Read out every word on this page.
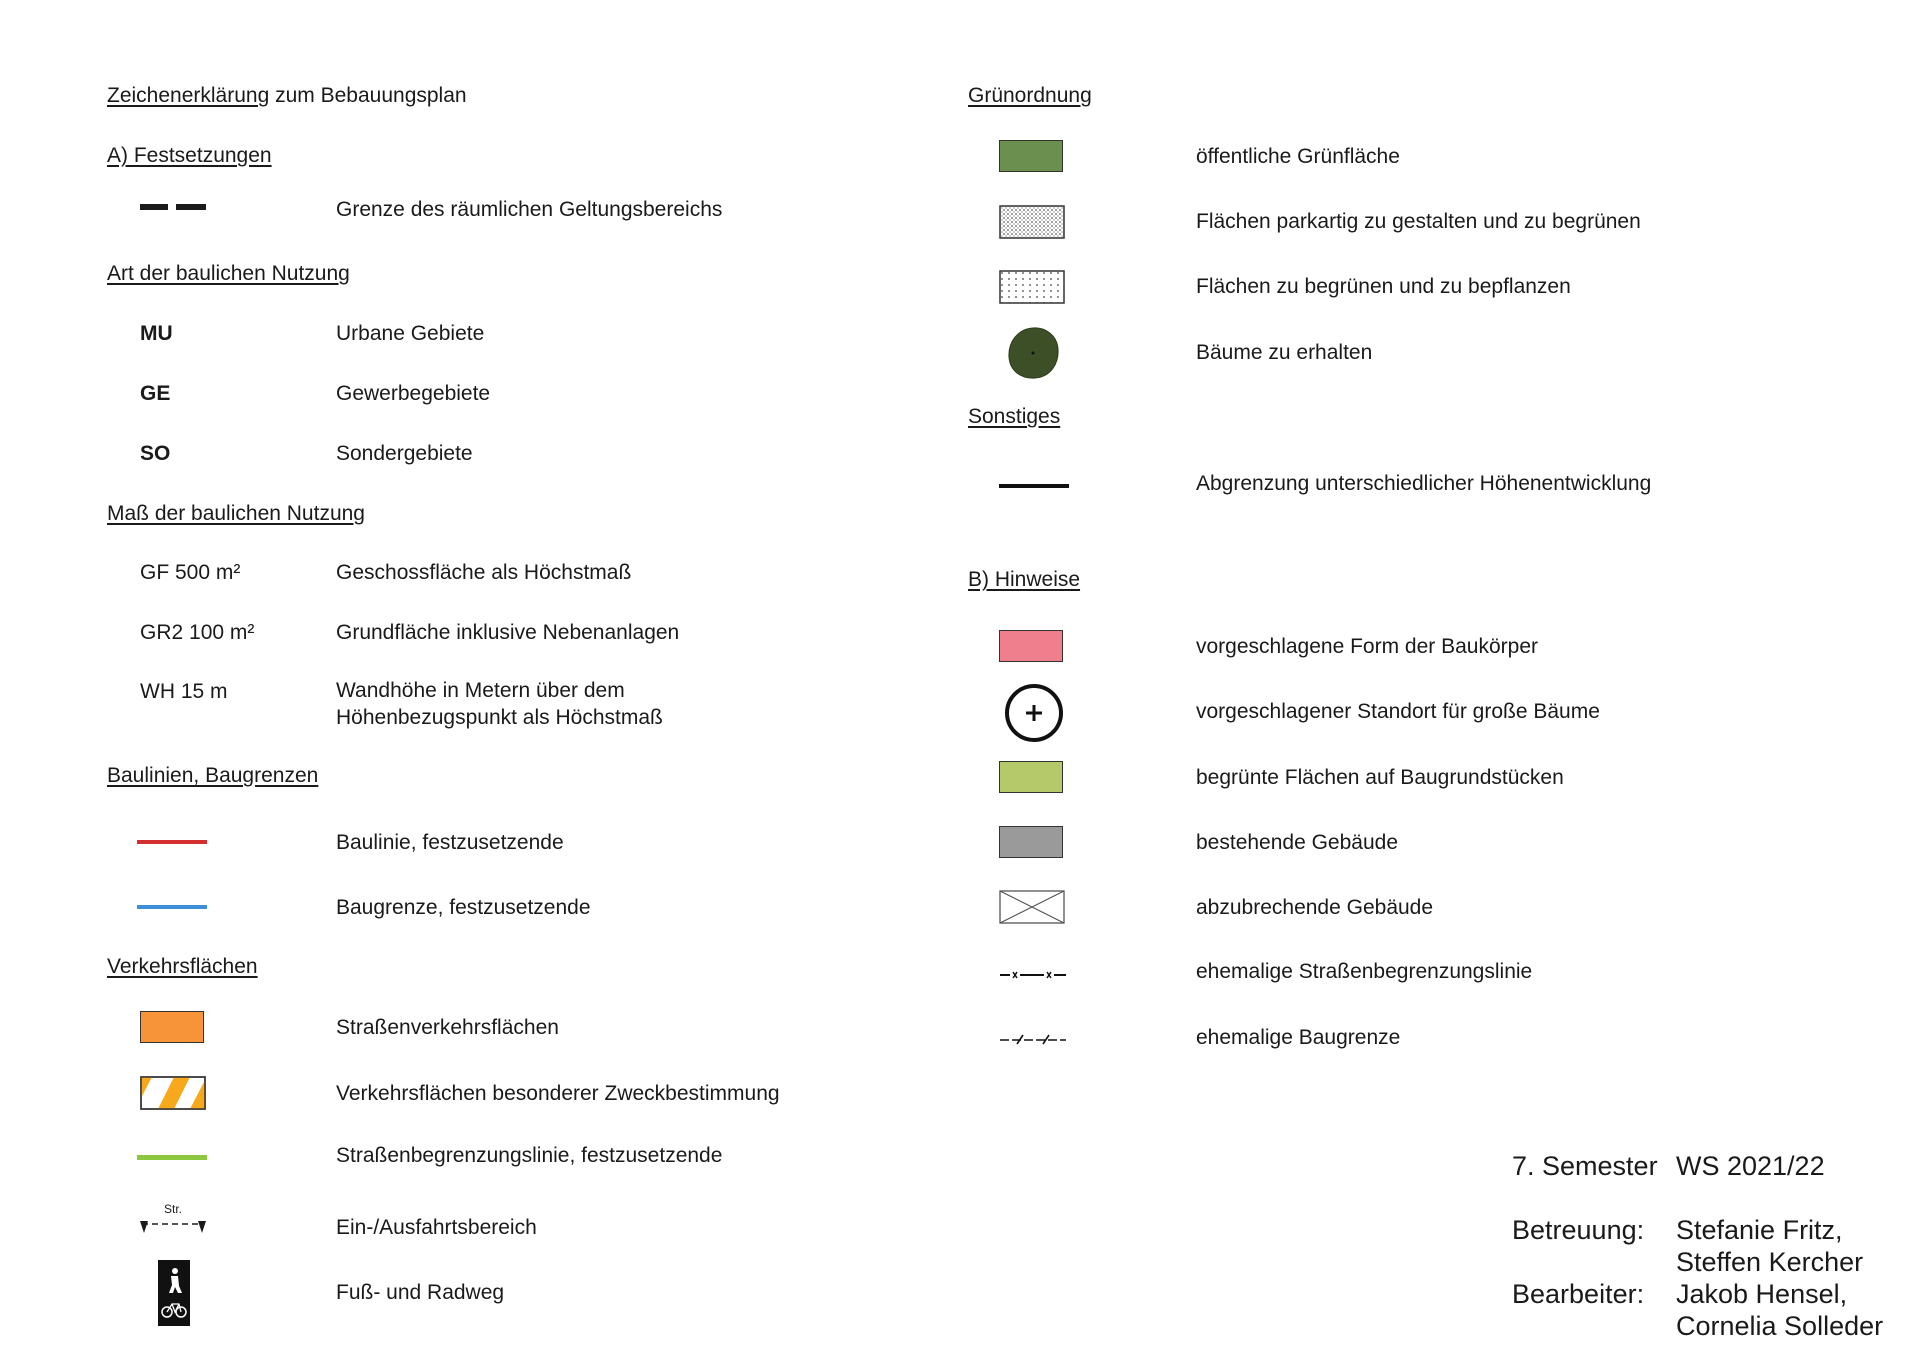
Zeichenerklärung zum Bebauungsplan
A) Festsetzungen
Grenze des räumlichen Geltungsbereichs
Art der baulichen Nutzung
MU	Urbane Gebiete
GE	Gewerbegebiete
SO	Sondergebiete
Maß der baulichen Nutzung
GF 500 m²	Geschossfläche als Höchstmaß
GR2 100 m²	Grundfläche inklusive Nebenanlagen
WH 15 m	Wandhöhe in Metern über dem
Höhenbezugspunkt als Höchstmaß
Baulinien, Baugrenzen
Baulinie, festzusetzende
Baugrenze, festzusetzende
Verkehrsflächen
Straßenverkehrsflächen
Verkehrsflächen besonderer Zweckbestimmung
Straßenbegrenzungslinie, festzusetzende
Str.
Ein-/Ausfahrtsbereich
Fuß- und Radweg
Grünordnung
öffentliche Grünfläche
Flächen parkartig zu gestalten und zu begrünen
Flächen zu begrünen und zu bepflanzen
Bäume zu erhalten
Sonstiges
Abgrenzung unterschiedlicher Höhenentwicklung
B) Hinweise
vorgeschlagene Form der Baukörper
vorgeschlagener Standort für große Bäume
begrünte Flächen auf Baugrundstücken
bestehende Gebäude
abzubrechende Gebäude
ehemalige Straßenbegrenzungslinie
ehemalige Baugrenze
7. Semester WS 2021/22
Betreuung: Stefanie Fritz,
Steffen Kercher
Bearbeiter: Jakob Hensel,
Cornelia Solleder
